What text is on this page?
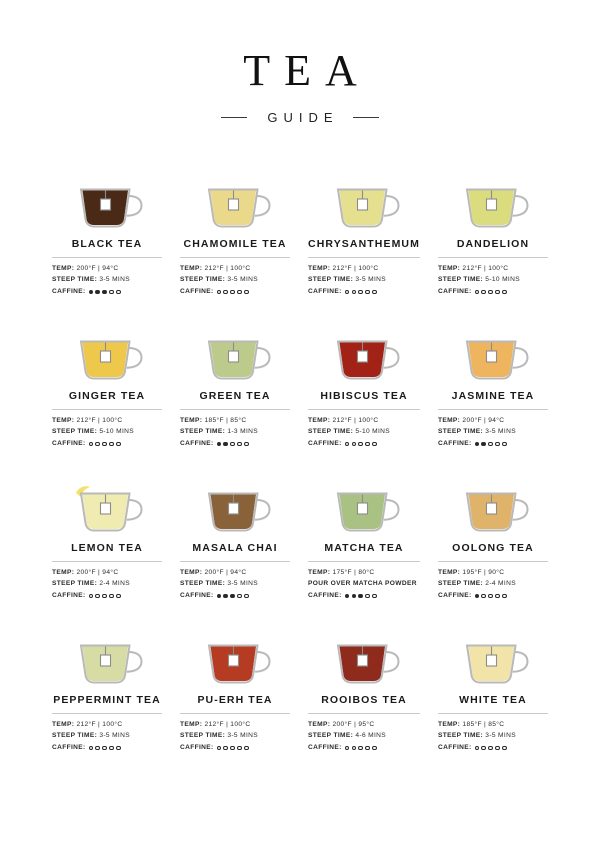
TEA
GUIDE
BLACK TEA
TEMP: 200°F | 94°C
STEEP TIME: 3-5 MINS
CAFFINE:
CHAMOMILE TEA
TEMP: 212°F | 100°C
STEEP TIME: 3-5 MINS
CAFFINE:
CHRYSANTHEMUM
TEMP: 212°F | 100°C
STEEP TIME: 3-5 MINS
CAFFINE:
DANDELION
TEMP: 212°F | 100°C
STEEP TIME: 5-10 MINS
CAFFINE:
GINGER TEA
TEMP: 212°F | 100°C
STEEP TIME: 5-10 MINS
CAFFINE:
GREEN TEA
TEMP: 185°F | 85°C
STEEP TIME: 1-3 MINS
CAFFINE:
HIBISCUS TEA
TEMP: 212°F | 100°C
STEEP TIME: 5-10 MINS
CAFFINE:
JASMINE TEA
TEMP: 200°F | 94°C
STEEP TIME: 3-5 MINS
CAFFINE:
LEMON TEA
TEMP: 200°F | 94°C
STEEP TIME: 2-4 MINS
CAFFINE:
MASALA CHAI
TEMP: 200°F | 94°C
STEEP TIME: 3-5 MINS
CAFFINE:
MATCHA TEA
TEMP: 175°F | 80°C
POUR OVER MATCHA POWDER
CAFFINE:
OOLONG TEA
TEMP: 195°F | 90°C
STEEP TIME: 2-4 MINS
CAFFINE:
PEPPERMINT TEA
TEMP: 212°F | 100°C
STEEP TIME: 3-5 MINS
CAFFINE:
PU-ERH TEA
TEMP: 212°F | 100°C
STEEP TIME: 3-5 MINS
CAFFINE:
ROOIBOS TEA
TEMP: 200°F | 95°C
STEEP TIME: 4-6 MINS
CAFFINE:
WHITE TEA
TEMP: 185°F | 85°C
STEEP TIME: 3-5 MINS
CAFFINE:
